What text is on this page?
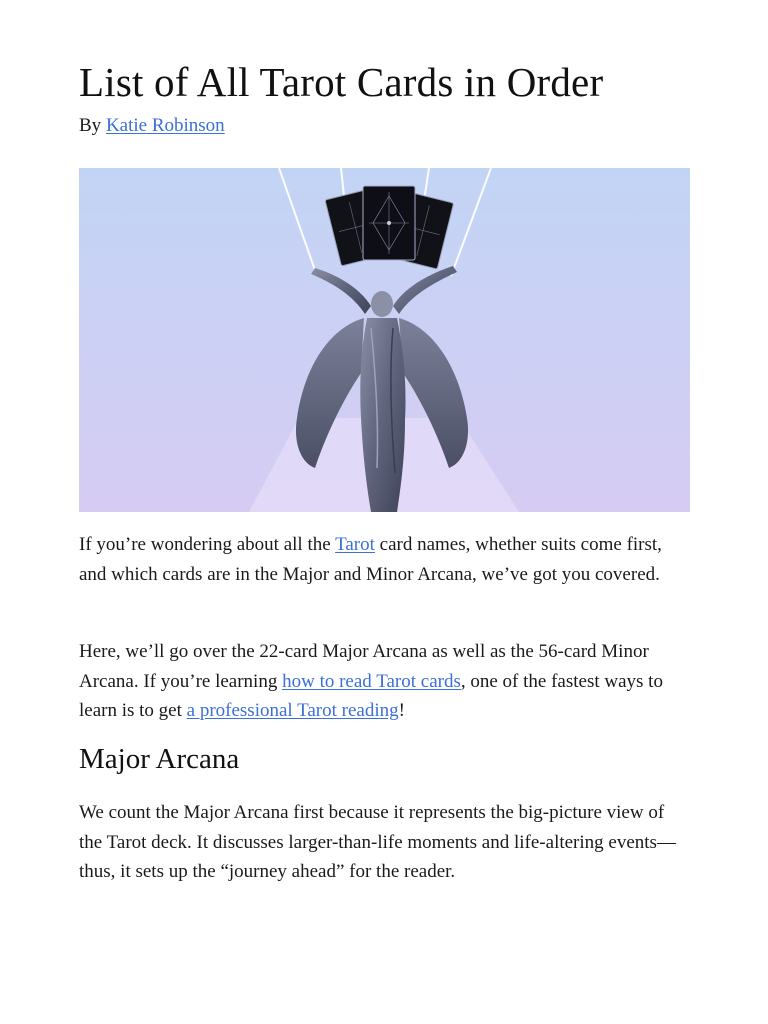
List of All Tarot Cards in Order
By Katie Robinson

If you’re wondering about all the Tarot card names, whether suits come first, and which cards are in the Major and Minor Arcana, we’ve got you covered.

Here, we’ll go over the 22-card Major Arcana as well as the 56-card Minor Arcana. If you’re learning how to read Tarot cards, one of the fastest ways to learn is to get a professional Tarot reading!

Major Arcana

We count the Major Arcana first because it represents the big-picture view of the Tarot deck. It discusses larger-than-life moments and life-altering events—thus, it sets up the “journey ahead” for the reader.
